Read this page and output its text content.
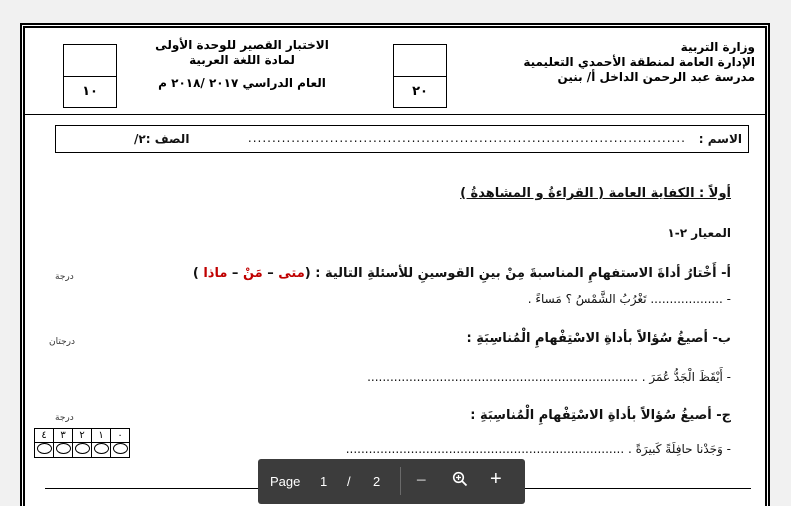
وزارة التربية
الإدارة العامة لمنطقة الأحمدي التعليمية
مدرسة عبد الرحمن الداخل أ/ بنين
٢٠
الاختبار القصير للوحدة الأولى
لمادة اللغة العربية
العام الدراسي ٢٠١٧ /٢٠١٨ م
١٠
الاسم :
...........................................................................................
الصف :٢/
أولاً : الكفاية العامة ( القراءةُ و المشاهدةُ )
المعيار ٢-١
أ- أَخْتارُ أداةَ الاستفهامِ المناسبةَ مِنْ بينِ القوسينِ للأسئلةِ التالية : (متى – مَنْ – ماذا )
درجة
- ................... تَغْرُبُ الشَّمْسُ ؟ مَساءً .
ب- أصيغُ سُؤالاً بأداةِ الاسْتِفْهامِ الْمُناسِبَةِ :
درجتان
- أَيْقَظَ الْجَدُّ عُمَرَ . .......................................................................
ج- أصيغُ سُؤالاً بأداةِ الاسْتِفْهامِ الْمُناسِبَةِ :
درجة
- وَجَدْنا حافِلَةً كَبيرَةً . .........................................................................
٤	٣	٢	١	٠

Page 1 / 2 −	+
